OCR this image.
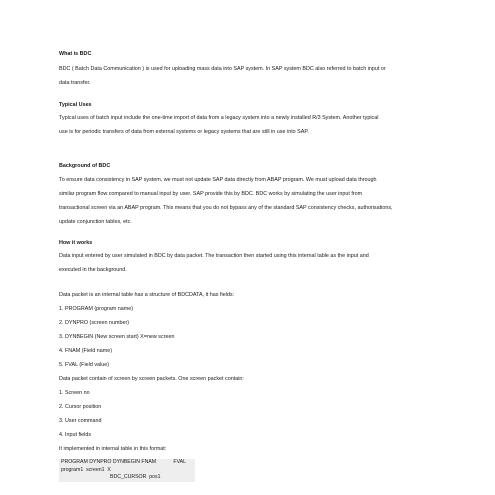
What is BDC

BDC ( Batch Data Communication ) is used for uploading mass data into SAP system. In SAP system BDC also referred to batch input or

data transfer.

Typical Uses

Typical uses of batch input include the one-time import of data from a legacy system into a newly installed R/3 System. Another typical

use is for periodic transfers of data from external systems or legacy systems that are still in use into SAP.

Background of BDC

To ensure data consistency in SAP system, we must not update SAP data directly from ABAP program. We must upload data through

similar program flow compared to manual input by user. SAP provide this by BDC. BDC works by simulating the user input from

transactional screen via an ABAP program. This means that you do not bypass any of the standard SAP consistency checks, authorisations,

update conjunction tables, etc.

How it works

Data input entered by user simulated in BDC by data packet. The transaction then started using this internal table as the input and

executed in the background.

Data packet is an internal table has a structure of BDCDATA, it has fields:

1. PROGRAM (program name)

2. DYNPRO (screen number)

3. DYNBEGIN (New screen start) X=new screen

4. FNAM (Field name)

5. FVAL (Field value)

Data packet contain of screen by screen packets. One screen packet contain:

1. Screen no

2. Cursor position

3. User command

4. Input fields

It implemented in internal table in this format:

PROGRAM DYNPRO DYNBEGIN FNAM            FVAL
program1  screen1  X
BDC_CURSOR  pos1
